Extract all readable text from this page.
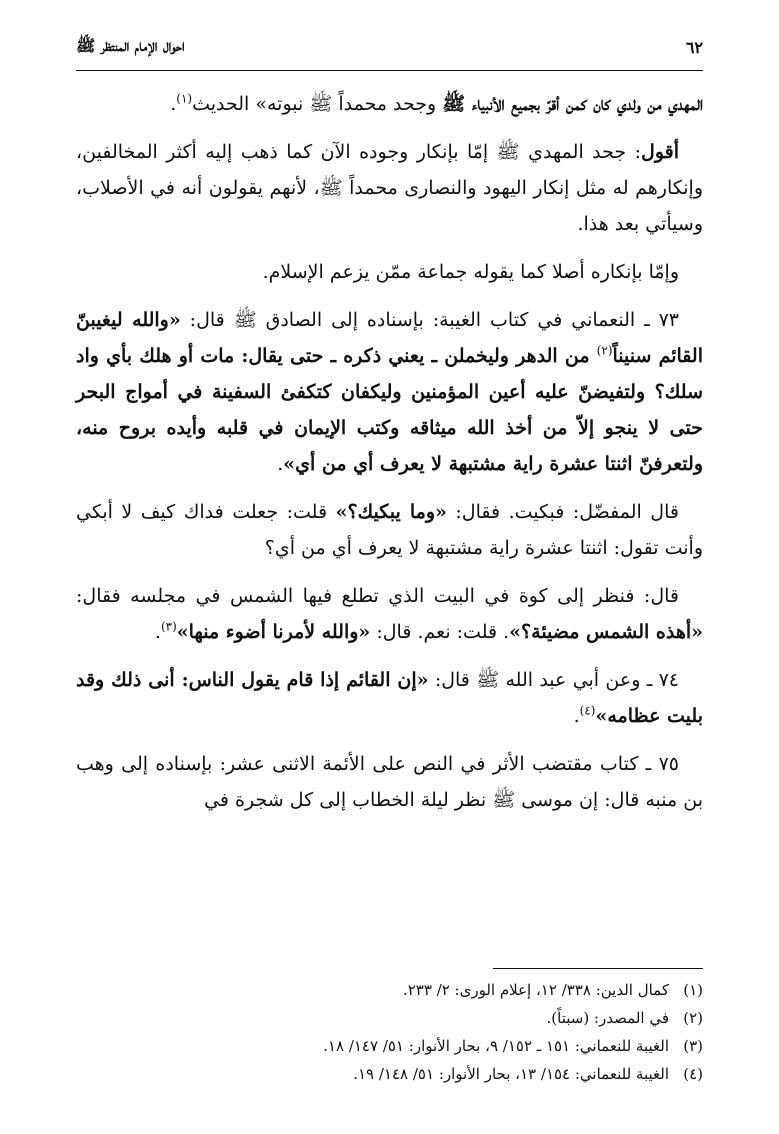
٦٢
احوال الإمام المنتظر ﷺ

المهدي من ولدي كان كمن أقرّ بجميع الأنبياء ﷺ وجحد محمداً ﷺ نبوته» الحديث$^{(١)}$.

أقول: جحد المهدي ﷺ إمّا بإنكار وجوده الآن كما ذهب إليه أكثر المخالفين، وإنكارهم له مثل إنكار اليهود والنصارى محمداً ﷺ، لأنهم يقولون أنه في الأصلاب، وسيأتي بعد هذا.

وإمّا بإنكاره أصلا كما يقوله جماعة ممّن يزعم الإسلام.

٧٣ ـ النعماني في كتاب الغيبة: بإسناده إلى الصادق ﷺ قال: «والله ليغيبنّ القائم سنيناً$^{(٢)}$ من الدهر وليخملن ـ يعني ذكره ـ حتى يقال: مات أو هلك بأي واد سلك؟ ولتفيضنّ عليه أعين المؤمنين وليكفان كتكفئ السفينة في أمواج البحر حتى لا ينجو إلاّ من أخذ الله ميثاقه وكتب الإيمان في قلبه وأيده بروح منه، ولتعرفنّ اثنتا عشرة راية مشتبهة لا يعرف أي من أي».

قال المفضّل: فبكيت. فقال: «وما يبكيك؟» قلت: جعلت فداك كيف لا أبكي وأنت تقول: اثنتا عشرة راية مشتبهة لا يعرف أي من أي؟

قال: فنظر إلى كوة في البيت الذي تطلع فيها الشمس في مجلسه فقال: «أهذه الشمس مضيئة؟». قلت: نعم. قال: «والله لأمرنا أضوء منها»$^{(٣)}$.

٧٤ ـ وعن أبي عبد الله ﷺ قال: «إن القائم إذا قام يقول الناس: أنى ذلك وقد بليت عظامه»$^{(٤)}$.

٧٥ ـ كتاب مقتضب الأثر في النص على الأئمة الاثنى عشر: بإسناده إلى وهب بن منبه قال: إن موسى ﷺ نظر ليلة الخطاب إلى كل شجرة في

(١)
كمال الدين: ٣٣٨/ ١٢، إعلام الورى: ٢/ ٢٣٣.
(٢)
في المصدر: (سبتاً).
(٣)
الغيبة للنعماني: ١٥١ ـ ١٥٢/ ٩، بحار الأنوار: ٥١/ ١٤٧/ ١٨.
(٤)
الغيبة للنعماني: ١٥٤/ ١٣، بحار الأنوار: ٥١/ ١٤٨/ ١٩.
